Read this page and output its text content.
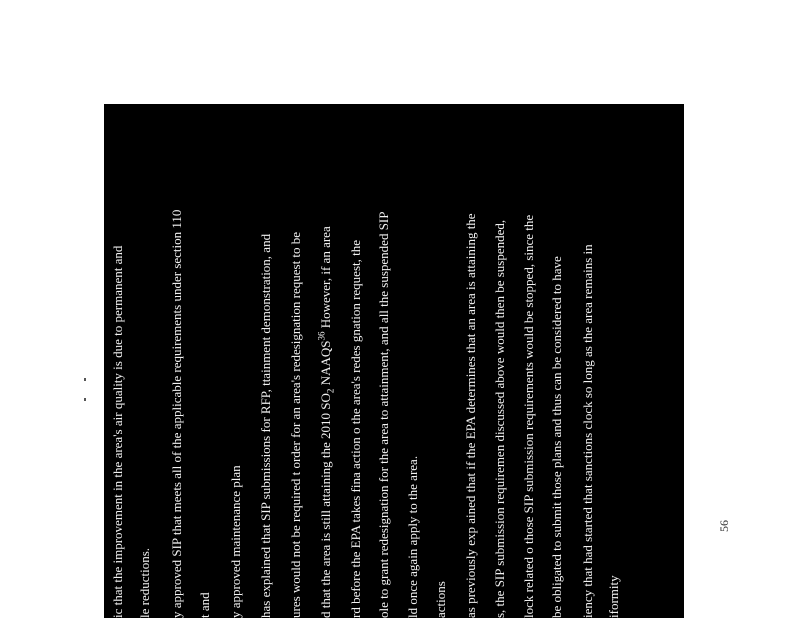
ic that the improvement in the area's air quality is due to permanent and le reductions. y approved SIP that meets all of the applicable requirements under section 110 t and y approved maintenance plan has explained that SIP submissions for RFP, ttainment demonstration, and ures would not be required t order for an area's redesignation request to be d that the area is still attaining the 2010 $SO_2$ NAAQS$^{36}$ However, if an area rd before the EPA takes fina action o the area's redes gnation request, the ole to grant redesignation for the area to attainment, and all the suspended SIP ld once again apply to the area. actions as previously exp ained that if the EPA determines that an area is attaining the s, the SIP submission requiremen discussed above would then be suspended, lock related o those SIP submission requirements would be stopped, since the be obligated to submit those plans and thus can be considered to have iency that had started that sanctions clock so long as the area remains in iformity
56
